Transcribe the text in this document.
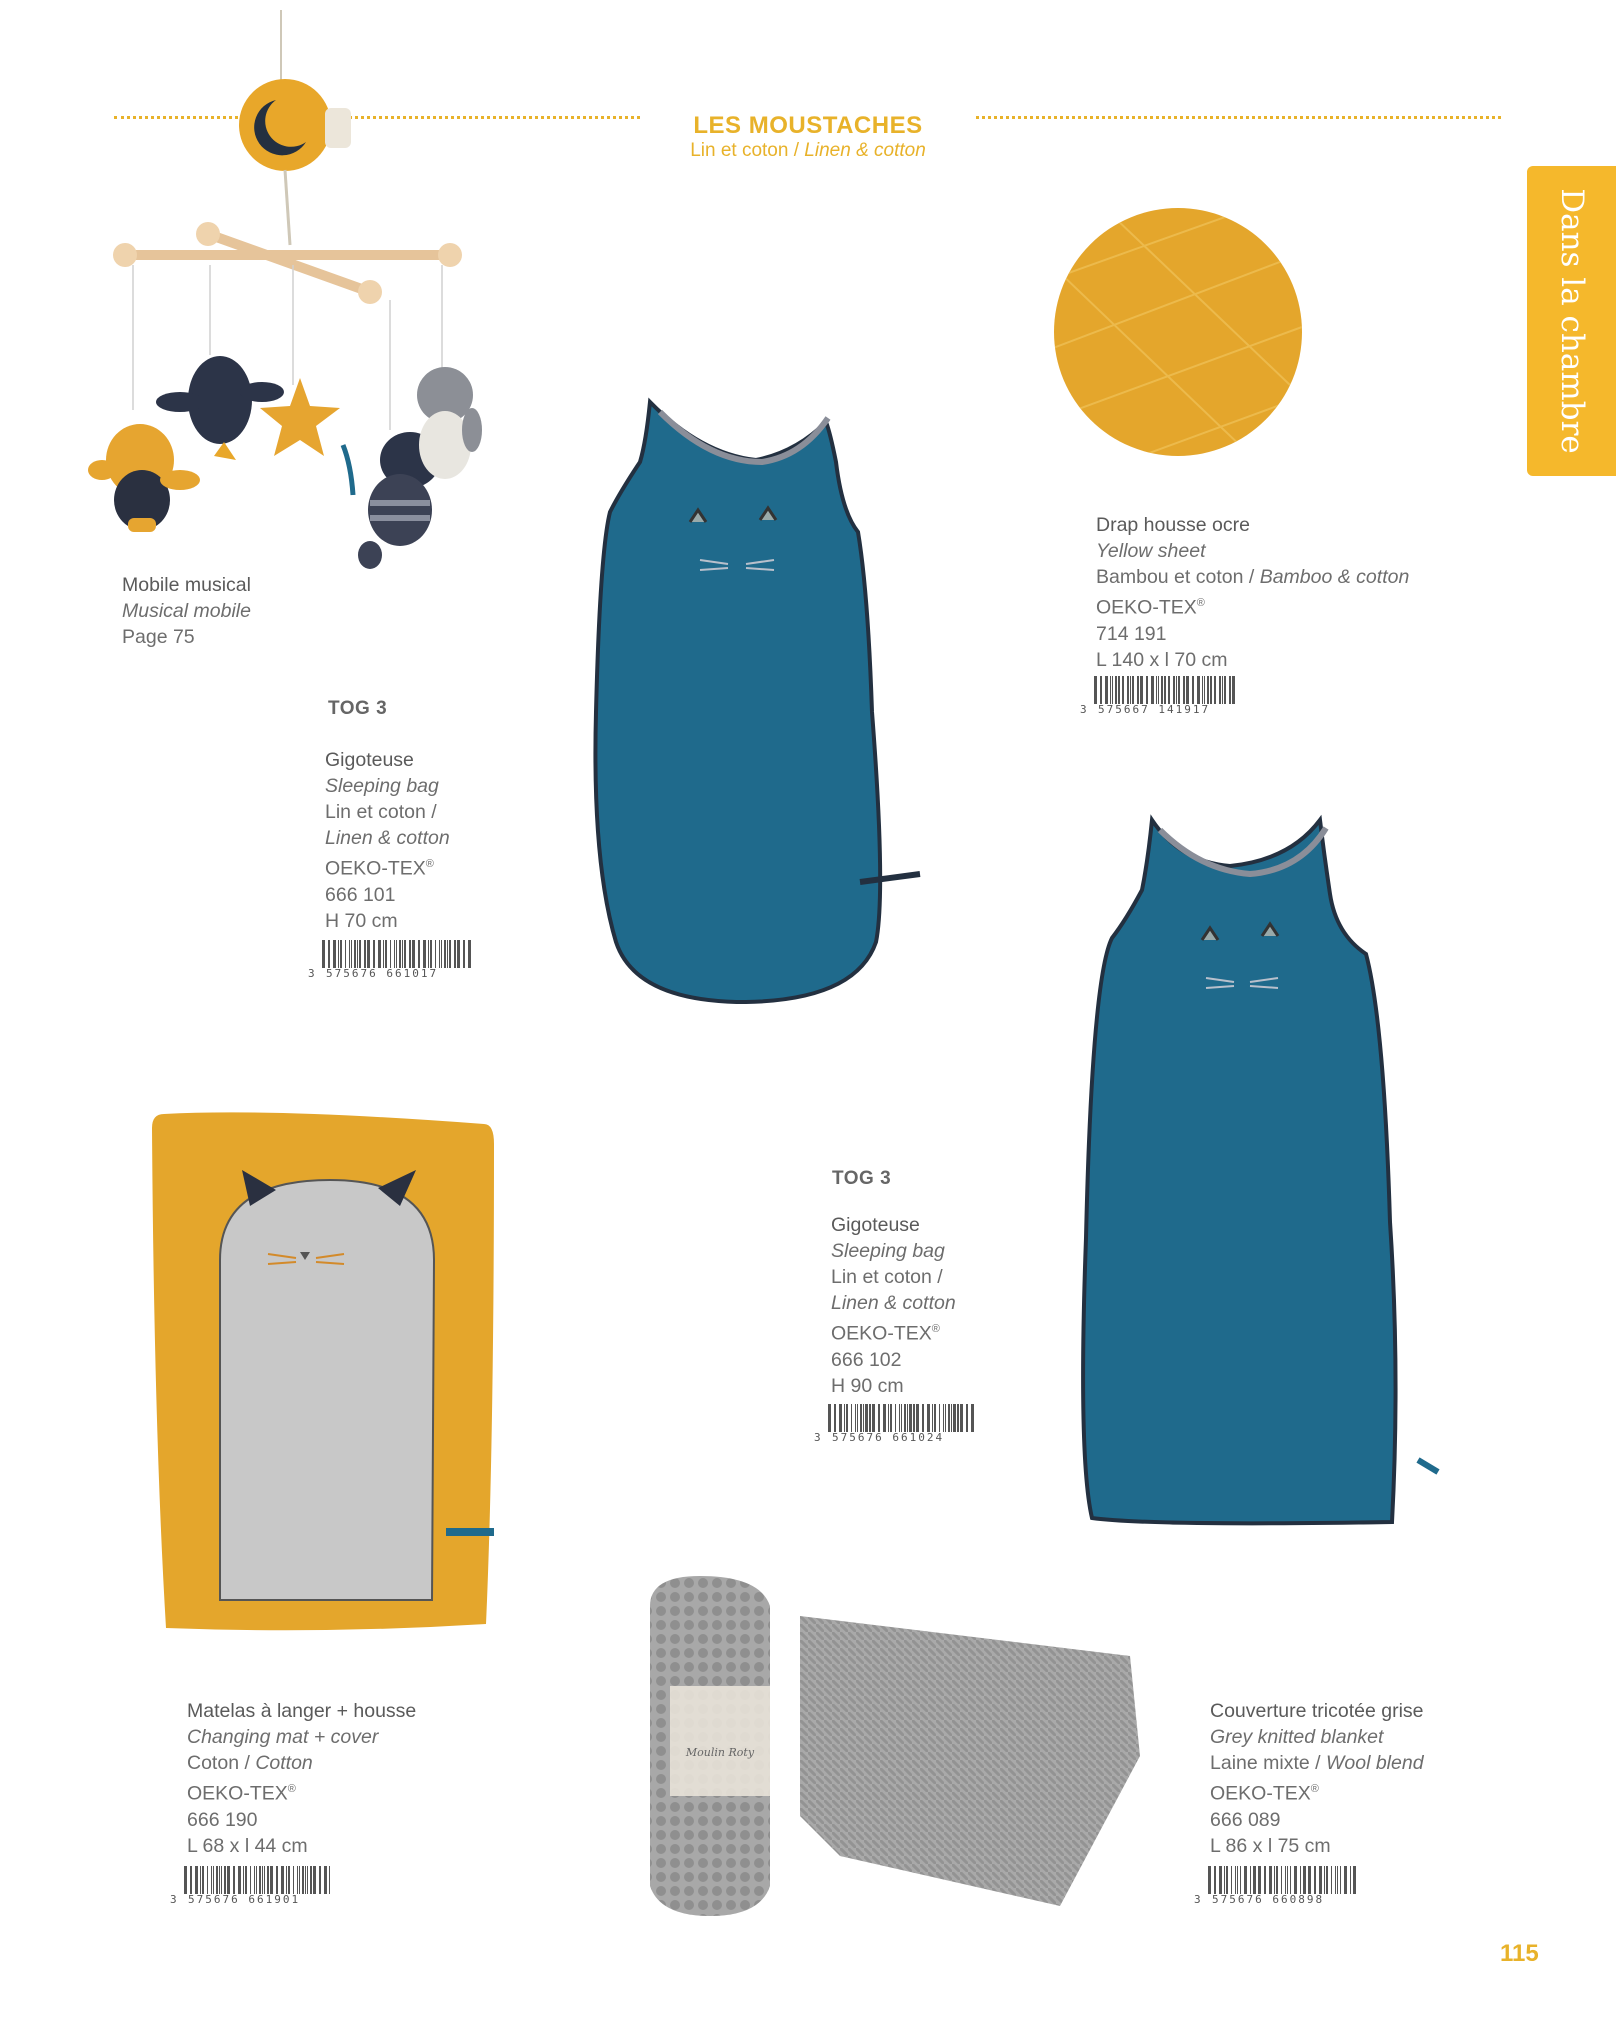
LES MOUSTACHES
Lin et coton / Linen & cotton
Dans la chambre
Mobile musical
Musical mobile
Page 75
Drap housse ocre
Yellow sheet
Bambou et coton / Bamboo & cotton
OEKO-TEX®
714 191
L 140 x l 70 cm
3 575667 141917
TOG 3
Gigoteuse
Sleeping bag
Lin et coton /
Linen & cotton
OEKO-TEX®
666 101
H 70 cm
3 575676 661017
TOG 3
Gigoteuse
Sleeping bag
Lin et coton /
Linen & cotton
OEKO-TEX®
666 102
H 90 cm
3 575676 661024
Matelas à langer + housse
Changing mat + cover
Coton / Cotton
OEKO-TEX®
666 190
L 68 x l 44 cm
3 575676 661901
Moulin Roty
Couverture tricotée grise
Grey knitted blanket
Laine mixte / Wool blend
OEKO-TEX®
666 089
L 86 x l 75 cm
3 575676 660898
115
